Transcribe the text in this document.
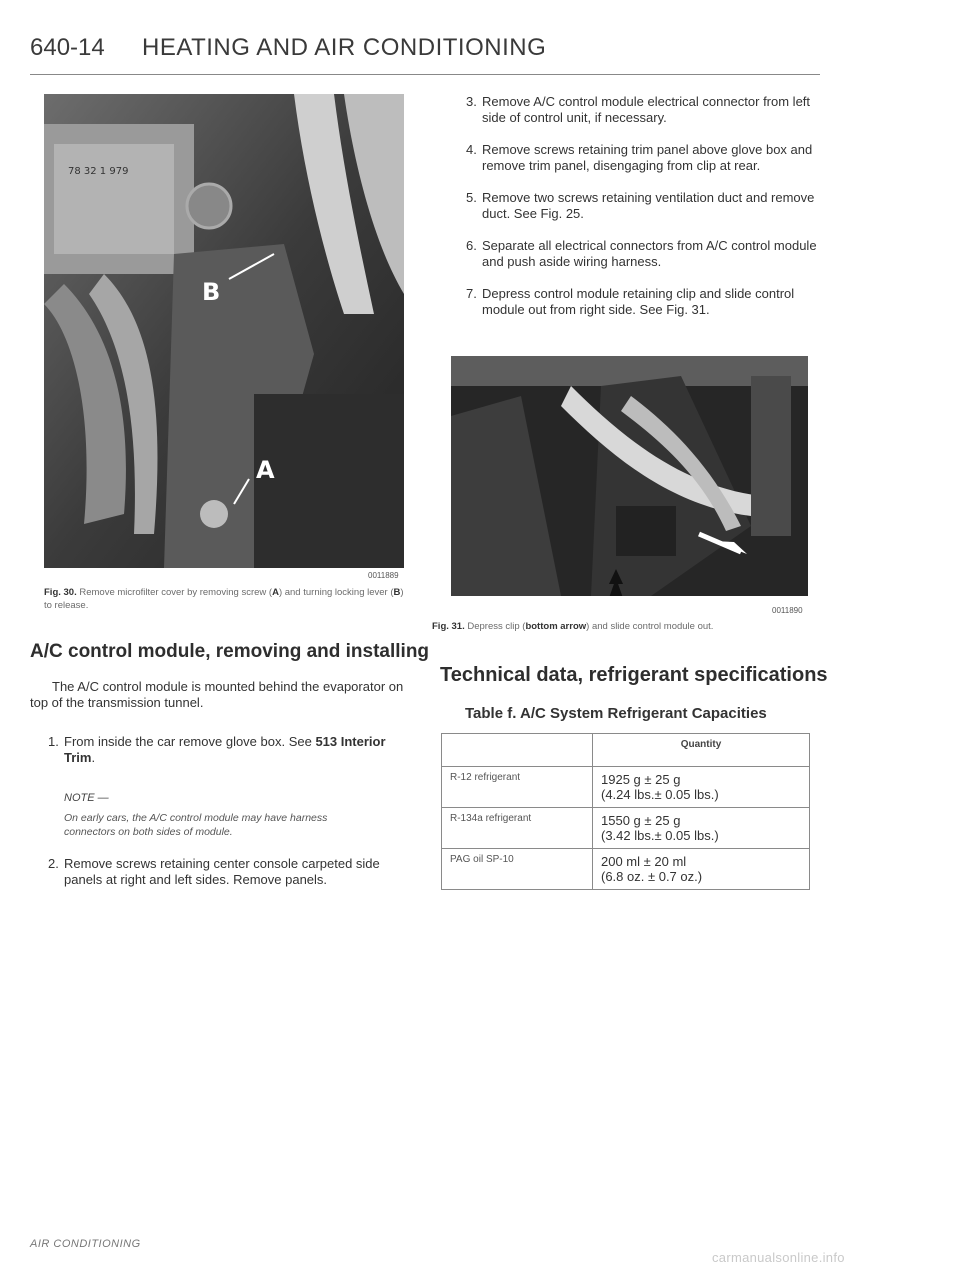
640-14 HEATING AND AIR CONDITIONING
78 32 1 979
B
A
0011889
Fig. 30. Remove microfilter cover by removing screw (A) and turning locking lever (B) to release.
A/C control module, removing and installing
The A/C control module is mounted behind the evaporator on top of the transmission tunnel.
1. From inside the car remove glove box. See 513 Interior Trim.
NOTE —
On early cars, the A/C control module may have harness connectors on both sides of module.
2. Remove screws retaining center console carpeted side panels at right and left sides. Remove panels.
3. Remove A/C control module electrical connector from left side of control unit, if necessary.
4. Remove screws retaining trim panel above glove box and remove trim panel, disengaging from clip at rear.
5. Remove two screws retaining ventilation duct and remove duct. See Fig. 25.
6. Separate all electrical connectors from A/C control module and push aside wiring harness.
7. Depress control module retaining clip and slide control module out from right side. See Fig. 31.
0011890
Fig. 31. Depress clip (bottom arrow) and slide control module out.
Technical data, refrigerant specifications
Table f. A/C System Refrigerant Capacities
	Quantity
R-12 refrigerant	1925 g ± 25 g
(4.24 lbs.± 0.05 lbs.)

R-134a refrigerant	1550 g ± 25 g
(3.42 lbs.± 0.05 lbs.)

PAG oil SP-10	200 ml ± 20 ml
(6.8 oz. ± 0.7 oz.)
AIR CONDITIONING
carmanualsonline.info
